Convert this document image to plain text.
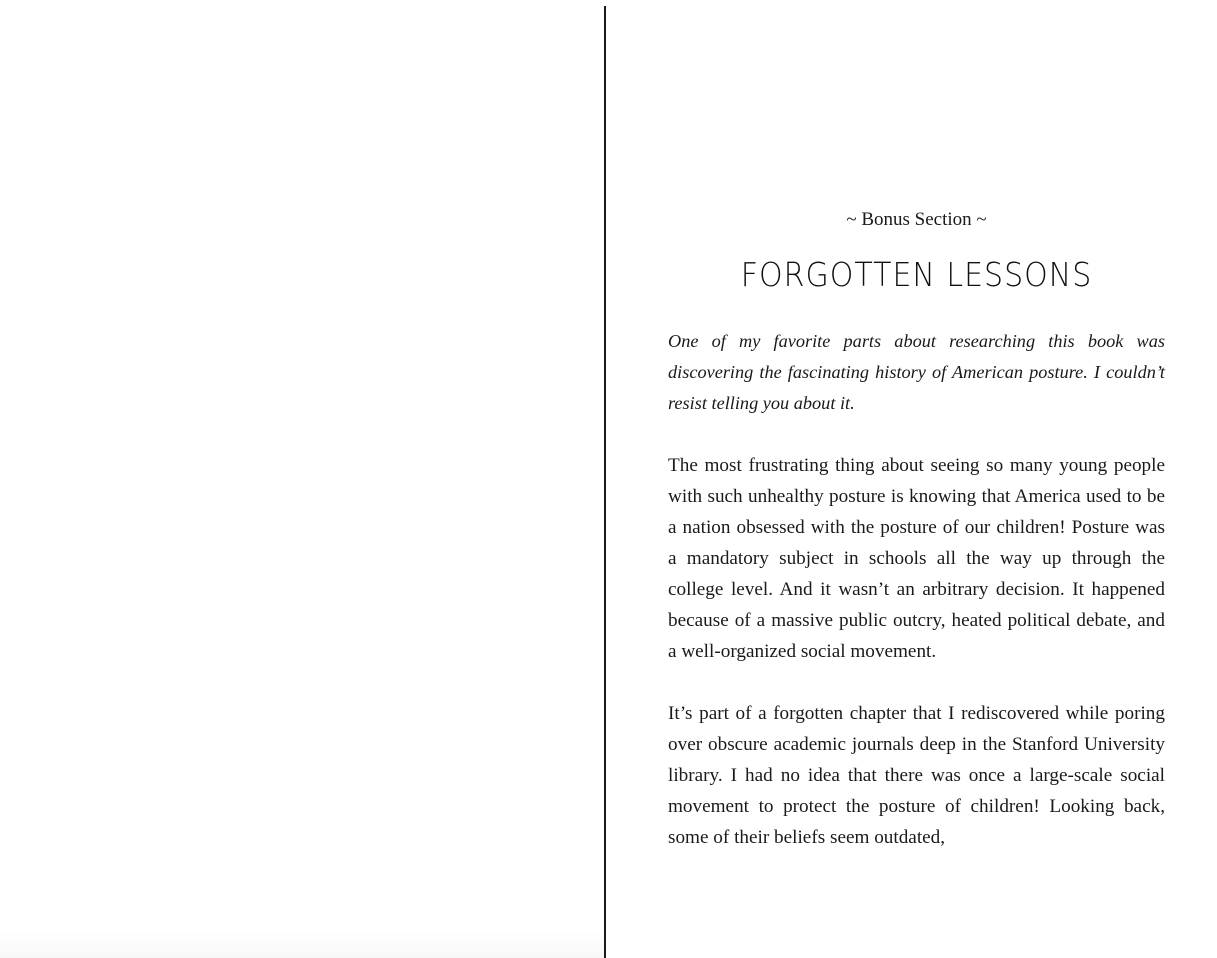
~ Bonus Section ~

FORGOTTEN LESSONS

One of my favorite parts about researching this book was discovering the fascinating history of American posture. I couldn’t resist telling you about it.

The most frustrating thing about seeing so many young people with such unhealthy posture is knowing that America used to be a nation obsessed with the posture of our children! Posture was a mandatory subject in schools all the way up through the college level. And it wasn’t an arbitrary decision. It happened because of a massive public outcry, heated political debate, and a well-organized social movement.

It’s part of a forgotten chapter that I rediscovered while poring over obscure academic journals deep in the Stanford University library. I had no idea that there was once a large-scale social movement to protect the posture of children! Looking back, some of their beliefs seem outdated,
